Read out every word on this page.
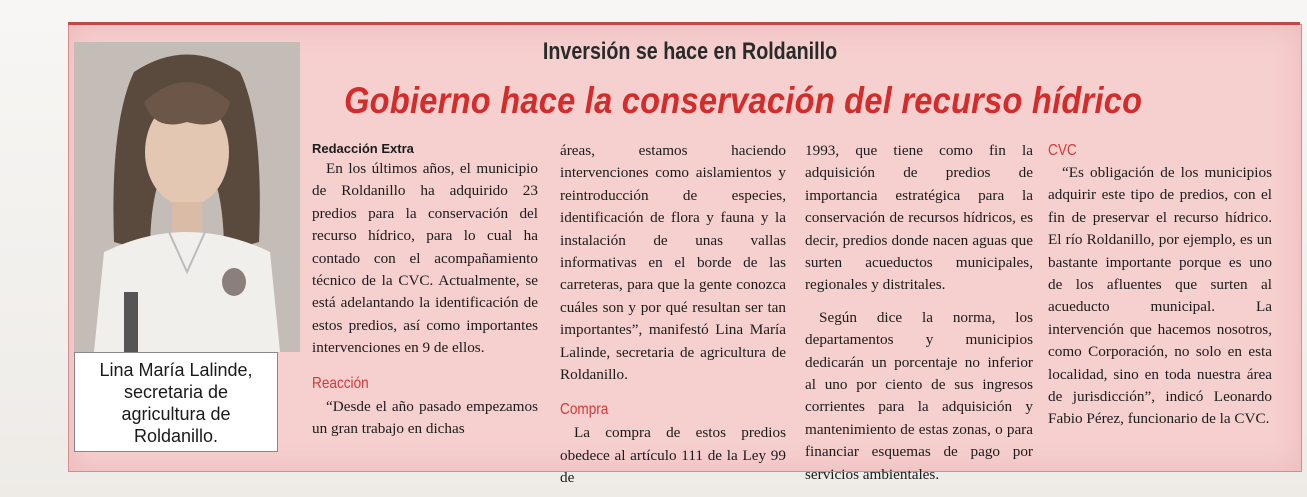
Lina María Lalinde,
secretaria de
agricultura de
Roldanillo.
Inversión se hace en Roldanillo
Gobierno hace la conservación del recurso hídrico

Redacción Extra

En los últimos años, el municipio de Roldanillo ha adquirido 23 predios para la conservación del recurso hídrico, para lo cual ha contado con el acompañamiento técnico de la CVC. Actualmente, se está adelantando la identificación de estos predios, así como importantes intervenciones en 9 de ellos.

Reacción

“Desde el año pasado empezamos un gran trabajo en dichas

áreas, estamos haciendo intervenciones como aislamientos y reintroducción de especies, identificación de flora y fauna y la instalación de unas vallas informativas en el borde de las carreteras, para que la gente conozca cuáles son y por qué resultan ser tan importantes”, manifestó Lina María Lalinde, secretaria de agricultura de Roldanillo.

Compra

La compra de estos predios obedece al artículo 111 de la Ley 99 de

1993, que tiene como fin la adquisición de predios de importancia estratégica para la conservación de recursos hídricos, es decir, predios donde nacen aguas que surten acueductos municipales, regionales y distritales.

Según dice la norma, los departamentos y municipios dedicarán un porcentaje no inferior al uno por ciento de sus ingresos corrientes para la adquisición y mantenimiento de estas zonas, o para financiar esquemas de pago por servicios ambientales.

CVC

“Es obligación de los municipios adquirir este tipo de predios, con el fin de preservar el recurso hídrico. El río Roldanillo, por ejemplo, es un bastante importante porque es uno de los afluentes que surten al acueducto municipal. La intervención que hacemos nosotros, como Corporación, no solo en esta localidad, sino en toda nuestra área de jurisdicción”, indicó Leonardo Fabio Pérez, funcionario de la CVC.
